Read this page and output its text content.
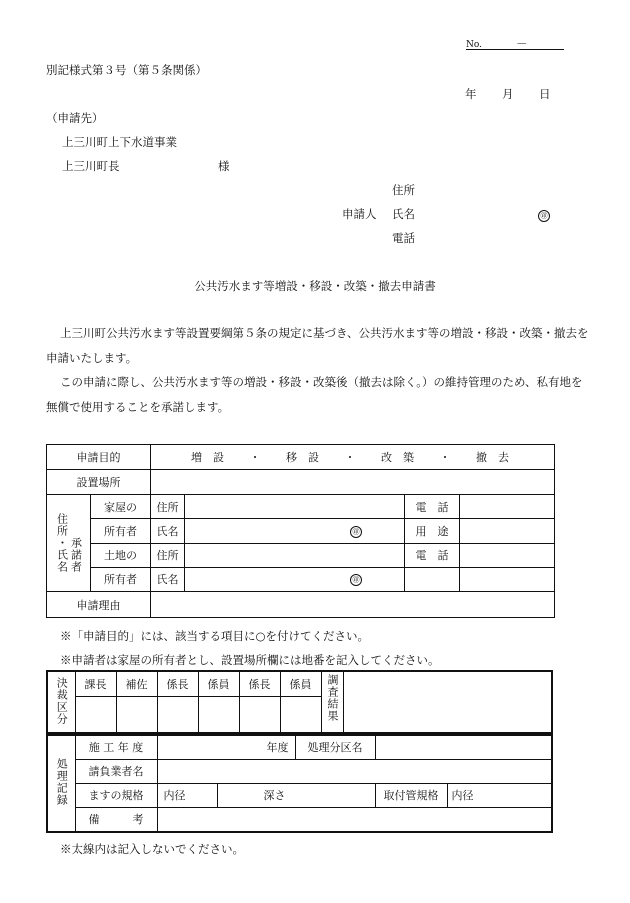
No.	－
別記様式第３号（第５条関係）
年 月 日
（申請先）
上三川町上下水道事業
上三川町長	様
住所
申請人 氏名	㊞
電話
公共汚水ます等増設・移設・改築・撤去申請書
上三川町公共汚水ます等設置要綱第５条の規定に基づき、公共汚水ます等の増設・移設・改築・撤去を申請いたします。
この申請に際し、公共汚水ます等の増設・移設・改築後（撤去は除く。）の維持管理のため、私有地を無償で使用することを承諾します。
申請目的		増　設 ・ 移　設 ・ 改　築 ・ 撤　去			
設置場所					

住所・氏名 承諾者	家屋の	住所		電　話	
	所有者	氏名	㊞	用　途	
	土地の	住所		電　話	
	所有者	氏名	㊞		
申請理由					
※「申請目的」には、該当する項目に○を付けてください。
※申請者は家屋の所有者とし、設置場所欄には地番を記入してください。
決裁区分	課長	補佐	係長	係員	係長	係員	調査結果	

処理記録	施 工 年 度	年度		処理分区名		
	請負業者名					
	ますの規格	内径	深さ		取付管規格	内径
	備　　　考					
※太線内は記入しないでください。
